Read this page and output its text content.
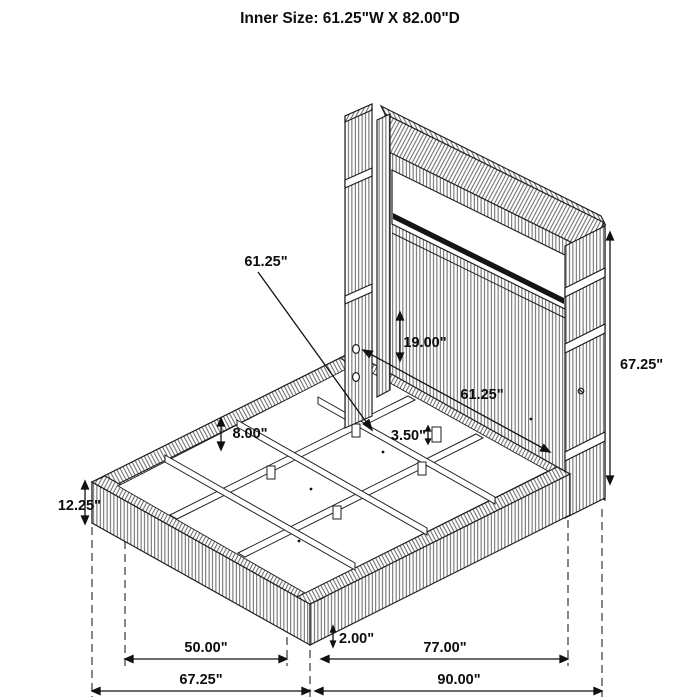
Inner Size: 61.25"W X 82.00"D
61.25"
19.00"
61.25"
8.00"	3.50"
12.25"
2.00"
67.25"
50.00"	77.00"
67.25"	90.00"
